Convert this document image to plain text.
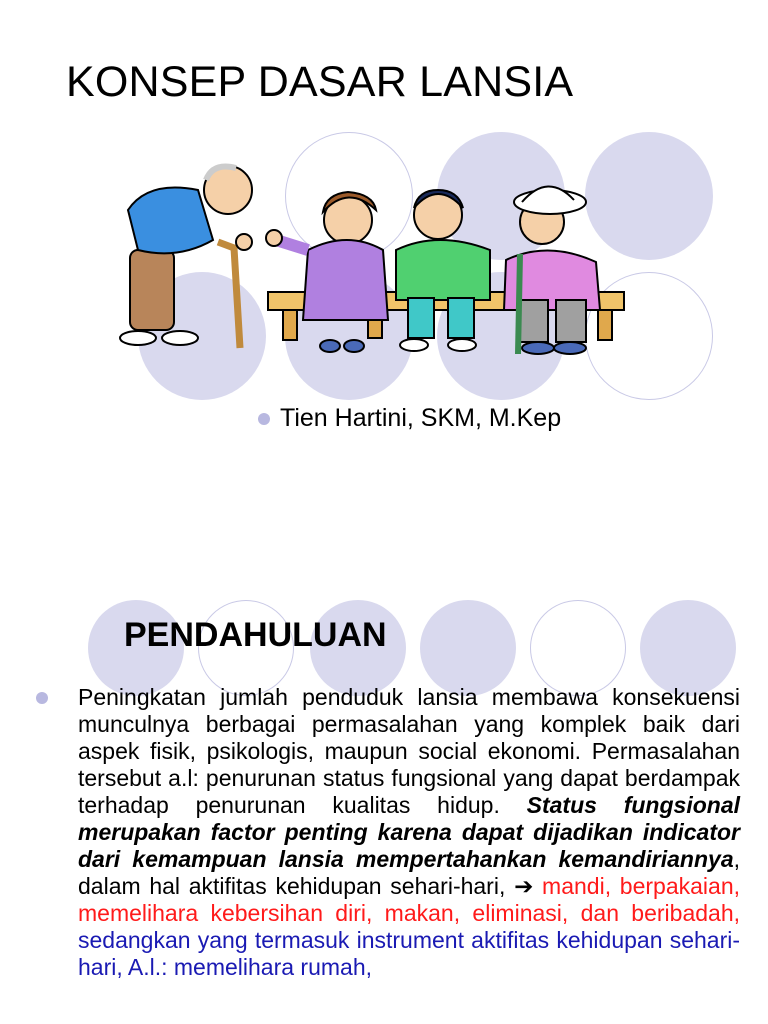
KONSEP DASAR LANSIA
Tien Hartini, SKM, M.Kep
PENDAHULUAN

Peningkatan jumlah penduduk lansia membawa konsekuensi munculnya berbagai permasalahan yang komplek baik dari aspek fisik, psikologis, maupun social ekonomi. Permasalahan tersebut a.l: penurunan status fungsional yang dapat berdampak terhadap penurunan kualitas hidup. Status fungsional merupakan factor penting karena dapat dijadikan indicator dari kemampuan lansia mempertahankan kemandiriannya, dalam hal aktifitas kehidupan sehari-hari, ➔ mandi, berpakaian, memelihara kebersihan diri, makan, eliminasi, dan beribadah, sedangkan yang termasuk instrument aktifitas kehidupan sehari-hari, A.l.: memelihara rumah,
